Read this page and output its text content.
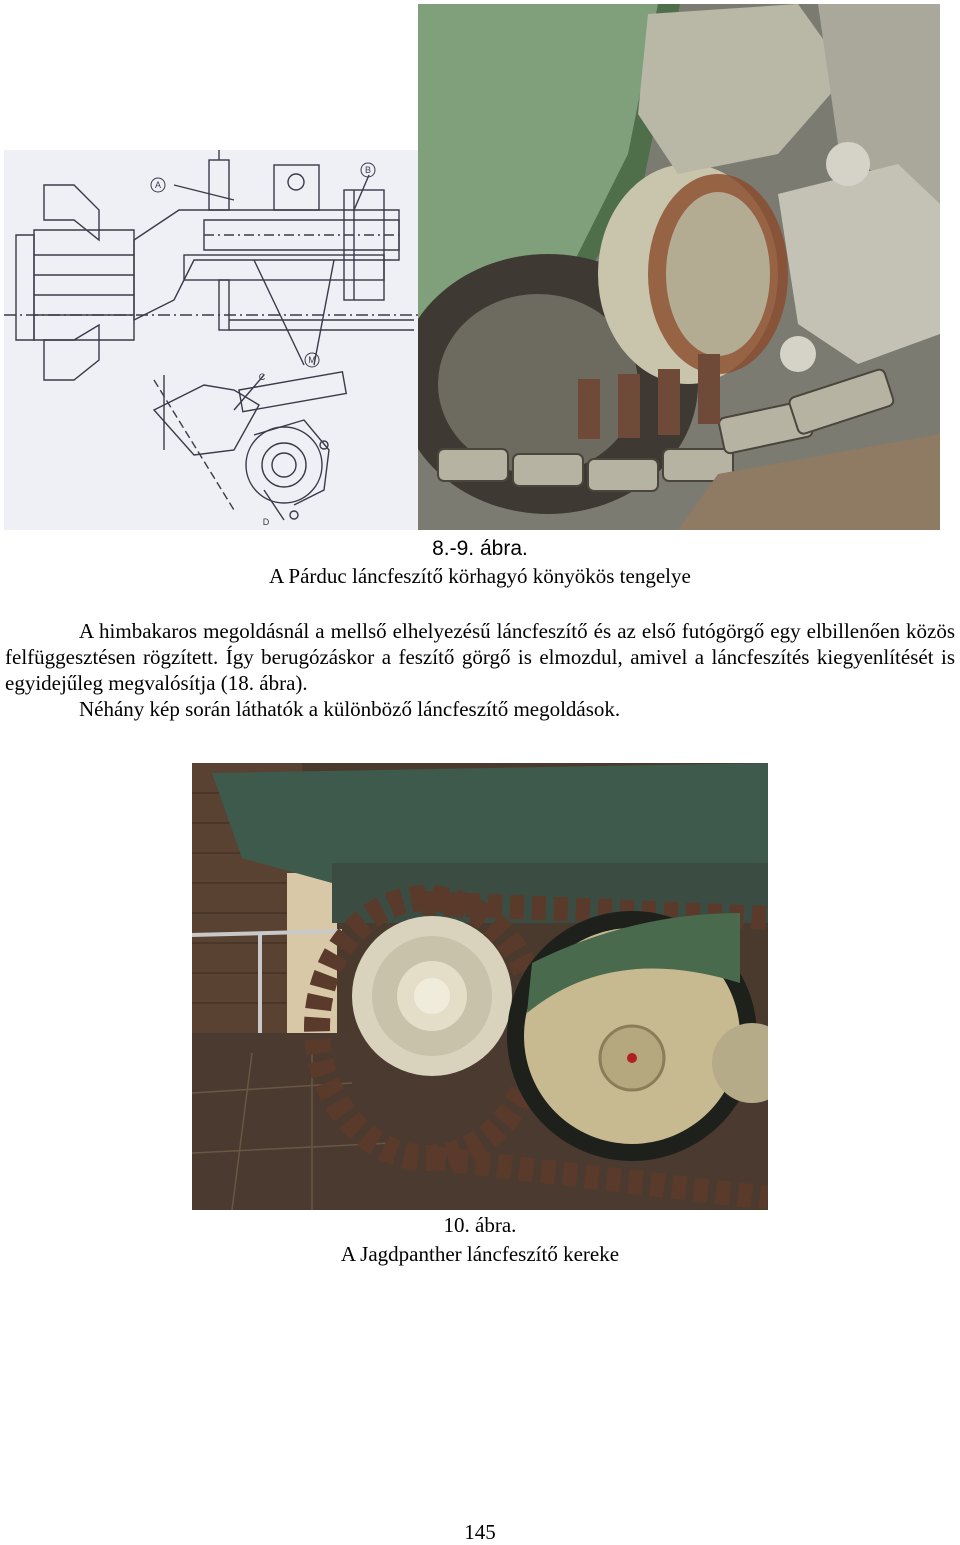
A
B
M
C
D
8.-9. ábra.
A Párduc láncfeszítő körhagyó könyökös tengelye

A himbakaros megoldásnál a mellső elhelyezésű láncfeszítő és az első futógörgő egy elbillenően közös felfüggesztésen rögzített. Így berugózáskor a feszítő görgő is elmozdul, amivel a láncfeszítés kiegyenlítését is egyidejűleg megvalósítja (18. ábra).

Néhány kép során láthatók a különböző láncfeszítő megoldások.

10. ábra.
A Jagdpanther láncfeszítő kereke
145
